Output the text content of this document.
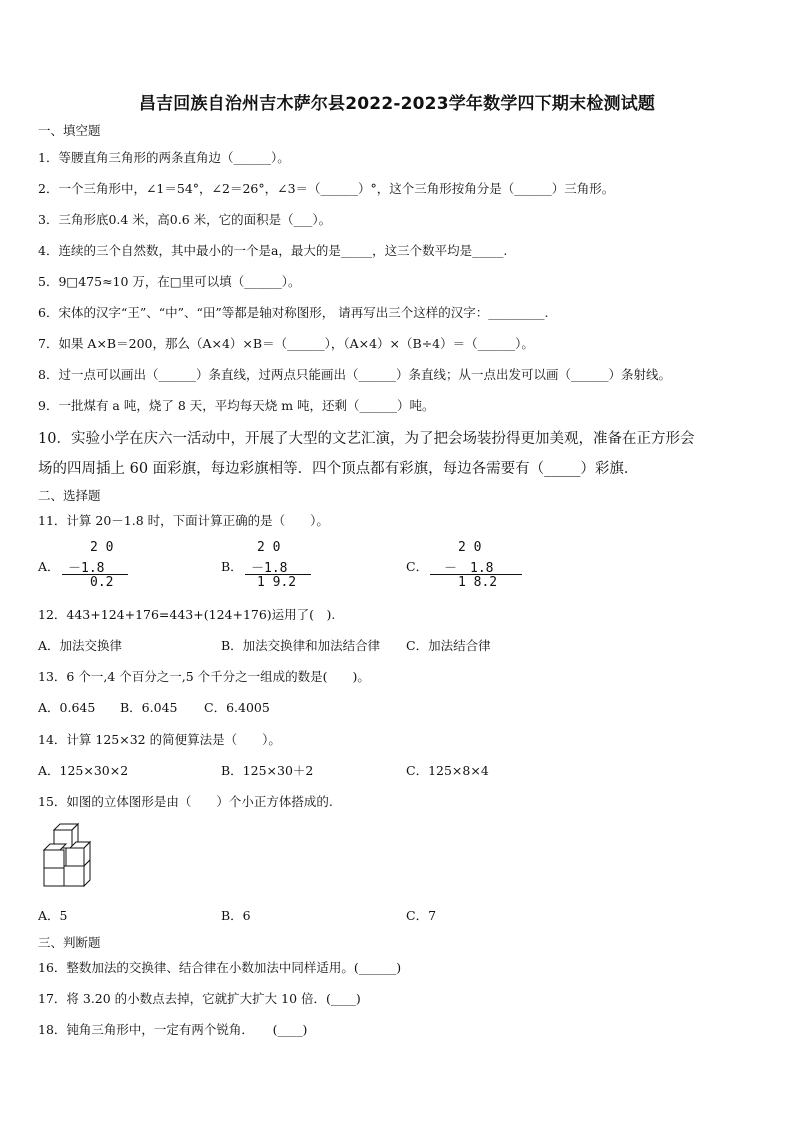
昌吉回族自治州吉木萨尔县2022-2023学年数学四下期末检测试题
一、填空题
1．等腰直角三角形的两条直角边（______）。
2．一个三角形中，∠1＝54°，∠2＝26°，∠3＝（______）°，这个三角形按角分是（______）三角形。
3．三角形底0.4 米，高0.6 米，它的面积是（___）。
4．连续的三个自然数，其中最小的一个是a，最大的是_____，这三个数平均是_____.
5．9□475≈10 万，在□里可以填（______）。
6．宋体的汉字“王”、“中”、“田”等都是轴对称图形， 请再写出三个这样的汉字：_________.
7．如果 A×B＝200，那么（A×4）×B＝（______），（A×4）×（B÷4）＝（______）。
8．过一点可以画出（______）条直线，过两点只能画出（______）条直线；从一点出发可以画（______）条射线。
9．一批煤有 a 吨，烧了 8 天，平均每天烧 m 吨，还剩（______）吨。
10．实验小学在庆六一活动中，开展了大型的文艺汇演，为了把会场装扮得更加美观，准备在正方形会
场的四周插上 60 面彩旗，每边彩旗相等．四个顶点都有彩旗，每边各需要有（_____）彩旗．
二、选择题
11．计算 20－1.8 时，下面计算正确的是（　　）。
A．
2 0
－1.8
0.2
B．
2 0
－1.8
1 9.2
C．
2 0
－　1.8
1 8.2
12．443+124+176=443+(124+176)运用了(　).
A．加法交换律	B．加法交换律和加法结合律 C．加法结合律
13．6 个一,4 个百分之一,5 个千分之一组成的数是(　　)。
A．0.645 B．6.045 C．6.4005
14．计算 125×32 的简便算法是（　　）。
A．125×30×2	B．125×30＋2	C．125×8×4
15．如图的立体图形是由（　　）个小正方体搭成的.
A．5	B．6	C．7
三、判断题
16．整数加法的交换律、结合律在小数加法中同样适用。(______)
17．将 3.20 的小数点去掉，它就扩大扩大 10 倍．(____)
18．钝角三角形中，一定有两个锐角．　　(____)
